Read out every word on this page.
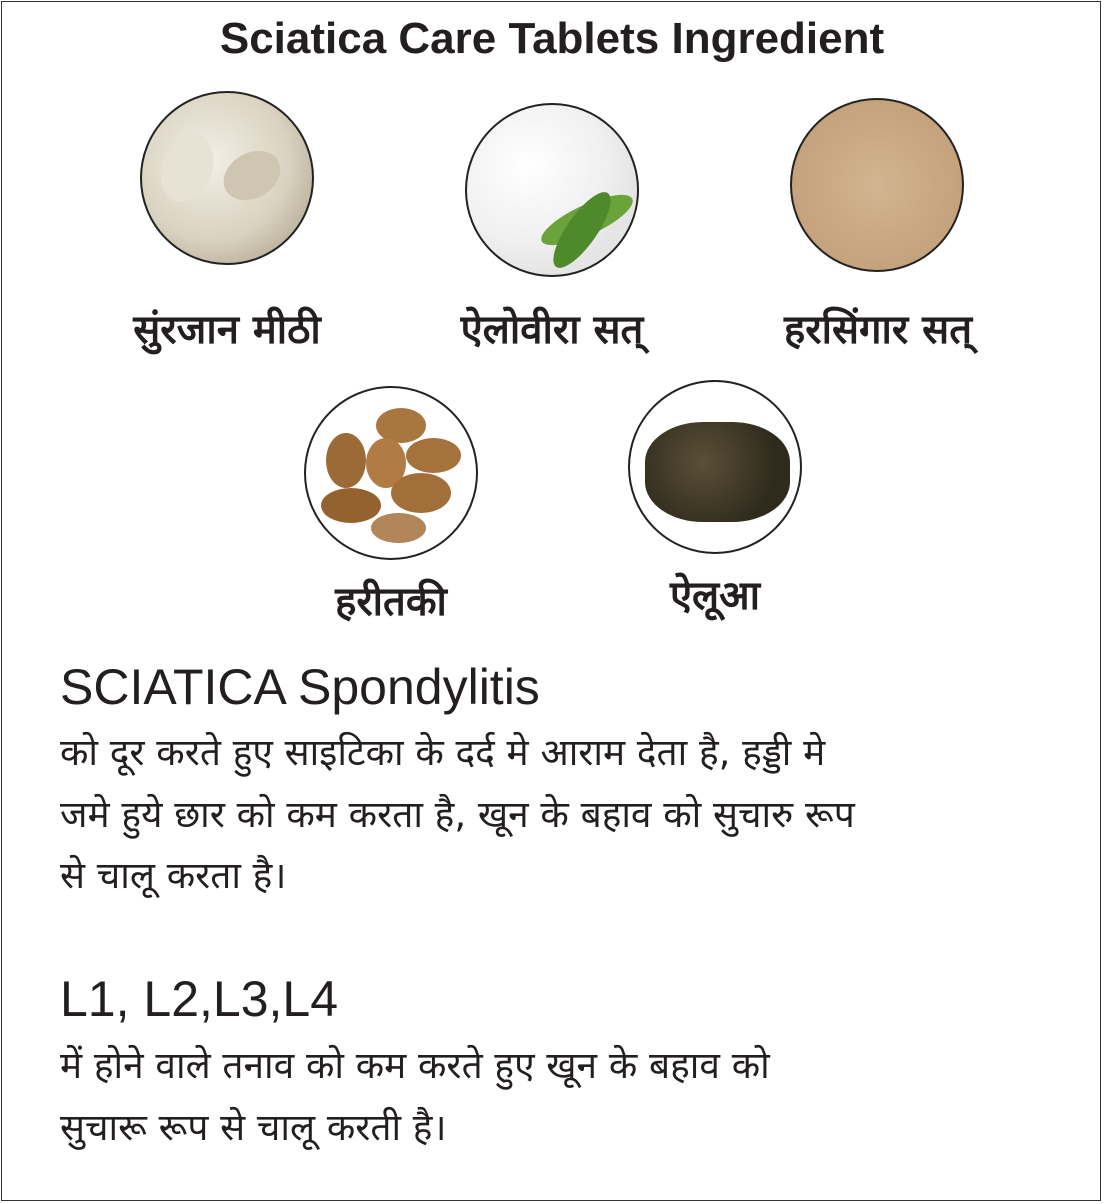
Sciatica Care Tablets Ingredient
सुंरजान मीठी	ऐलोवीरा सत्	हरसिंगार सत्
हरीतकी	ऐलूआ
SCIATICA Spondylitis
को दूर करते हुए साइटिका के दर्द मे आराम देता है, हड्डी मे
जमे हुये छार को कम करता है, खून के बहाव को सुचारु रूप
से चालू करता है।
L1, L2,L3,L4
में होने वाले तनाव को कम करते हुए खून के बहाव को
सुचारू रूप से चालू करती है।
